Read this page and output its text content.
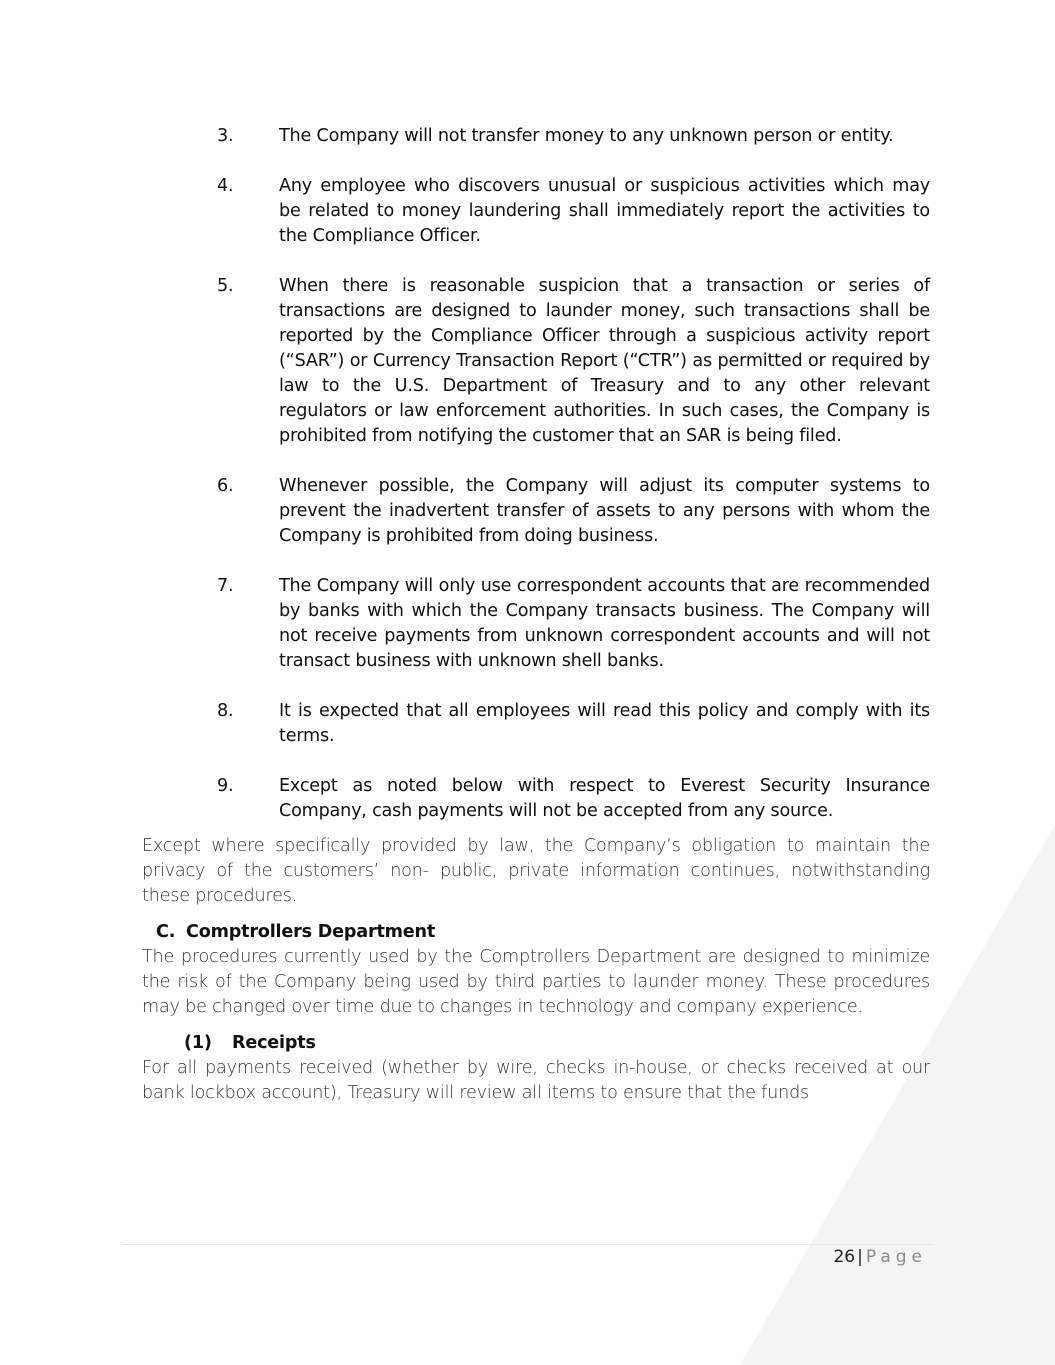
3.	The Company will not transfer money to any unknown person or entity.
4.	Any employee who discovers unusual or suspicious activities which may be related to money laundering shall immediately report the activities to the Compliance Officer.
5.	When there is reasonable suspicion that a transaction or series of transactions are designed to launder money, such transactions shall be reported by the Compliance Officer through a suspicious activity report (“SAR”) or Currency Transaction Report (“CTR”) as permitted or required by law to the U.S. Department of Treasury and to any other relevant regulators or law enforcement authorities. In such cases, the Company is prohibited from notifying the customer that an SAR is being filed.
6.	Whenever possible, the Company will adjust its computer systems to prevent the inadvertent transfer of assets to any persons with whom the Company is prohibited from doing business.
7.	The Company will only use correspondent accounts that are recommended by banks with which the Company transacts business. The Company will not receive payments from unknown correspondent accounts and will not transact business with unknown shell banks.
8.	It is expected that all employees will read this policy and comply with its terms.
9.	Except as noted below with respect to Everest Security Insurance Company, cash payments will not be accepted from any source.
Except where specifically provided by law, the Company’s obligation to maintain the privacy of the customers’ non- public, private information continues, notwithstanding these procedures.
C. Comptrollers Department
The procedures currently used by the Comptrollers Department are designed to minimize the risk of the Company being used by third parties to launder money. These procedures may be changed over time due to changes in technology and company experience.
(1) Receipts
For all payments received (whether by wire, checks in-house, or checks received at our bank lockbox account), Treasury will review all items to ensure that the funds
26 | Page
